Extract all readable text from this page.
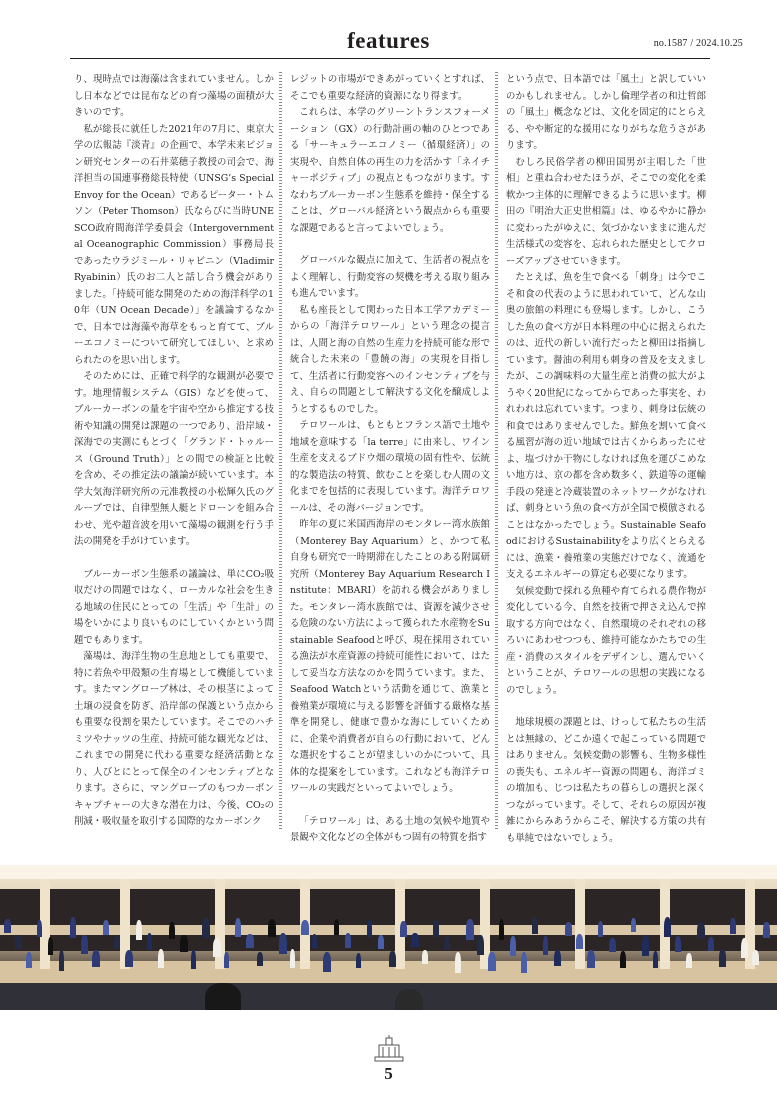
features	no.1587 / 2024.10.25

り、現時点では海藻は含まれていません。しかし日本などでは昆布などの育つ藻場の面積が大きいのです。

私が総長に就任した2021年の7月に、東京大学の広報誌『淡青』の企画で、本学未来ビジョン研究センターの石井菜穂子教授の司会で、海洋担当の国連事務総長特使（UNSG’s Special Envoy for the Ocean）であるピーター・トムソン（Peter Thomson）氏ならびに当時UNESCO政府間海洋学委員会（Intergovernmental Oceanographic Commission）事務局長であったウラジミール・リャビニン（Vladimir Ryabinin）氏のお二人と話し合う機会がありました。「持続可能な開発のための海洋科学の10年（UN Ocean Decade）」を議論するなかで、日本では海藻や海草をもっと育てて、ブルーエコノミーについて研究してほしい、と求められたのを思い出します。

そのためには、正確で科学的な観測が必要です。地理情報システム（GIS）などを使って、ブルーカーボンの量を宇宙や空から推定する技術や知識の開発は課題の一つであり、沿岸域・深海での実測にもとづく「グランド・トゥルース（Ground Truth）」との間での検証と比較を含め、その推定法の議論が続いています。本学大気海洋研究所の元准教授の小松輝久氏のグループでは、自律型無人艇とドローンを組み合わせ、光や超音波を用いて藻場の観測を行う手法の開発を手がけています。

ブルーカーボン生態系の議論は、単にCO₂吸収だけの問題ではなく、ローカルな社会を生きる地域の住民にとっての「生活」や「生計」の場をいかにより良いものにしていくかという問題でもあります。

藻場は、海洋生物の生息地としても重要で、特に若魚や甲殻類の生育場として機能しています。またマングローブ林は、その根茎によって土壌の浸食を防ぎ、沿岸部の保護という点からも重要な役割を果たしています。そこでのハチミツやナッツの生産、持続可能な観光などは、これまでの開発に代わる重要な経済活動となり、人びとにとって保全のインセンティブとなります。さらに、マングローブのもつカーボンキャプチャーの大きな潜在力は、今後、CO₂の削減・吸収量を取引する国際的なカーボンク

レジットの市場ができあがっていくとすれば、そこでも重要な経済的資源になり得ます。

これらは、本学のグリーントランスフォーメーション（GX）の行動計画の軸のひとつである「サーキュラーエコノミー（循環経済）」の実現や、自然自体の再生の力を活かす「ネイチャーポジティブ」の視点ともつながります。すなわちブルーカーボン生態系を維持・保全することは、グローバル経済という観点からも重要な課題であると言ってよいでしょう。

グローバルな観点に加えて、生活者の視点をよく理解し、行動変容の契機を考える取り組みも進んでいます。

私も座長として関わった日本工学アカデミーからの「海洋テロワール」という理念の提言は、人間と海の自然の生産力を持続可能な形で統合した未来の「豊饒の海」の実現を目指して、生活者に行動変容へのインセンティブを与え、自らの問題として解決する文化を醸成しようとするものでした。

テロワールは、もともとフランス語で土地や地域を意味する「la terre」に由来し、ワイン生産を支えるブドウ畑の環境の固有性や、伝統的な製造法の特質、飲むことを楽しむ人間の文化までを包括的に表現しています。海洋テロワールは、その海バージョンです。

昨年の夏に米国西海岸のモンタレー湾水族館（Monterey Bay Aquarium）と、かつて私自身も研究で一時期滞在したことのある附属研究所（Monterey Bay Aquarium Research Institute：MBARI）を訪れる機会がありました。モンタレー湾水族館では、資源を減少させる危険のない方法によって獲られた水産物をSustainable Seafoodと呼び、現在採用されている漁法が水産資源の持続可能性において、はたして妥当な方法なのかを問うています。また、Seafood Watchという活動を通じて、漁業と養殖業が環境に与える影響を評価する厳格な基準を開発し、健康で豊かな海にしていくために、企業や消費者が自らの行動において、どんな選択をすることが望ましいのかについて、具体的な提案をしています。これなども海洋テロワールの実践だといってよいでしょう。

「テロワール」は、ある土地の気候や地質や景観や文化などの全体がもつ固有の特質を指す

という点で、日本語では「風土」と訳していいのかもしれません。しかし倫理学者の和辻哲郎の「風土」概念などは、文化を固定的にとらえる、やや断定的な援用になりがちな危うさがあります。

むしろ民俗学者の柳田国男が主唱した「世相」と重ね合わせたほうが、そこでの変化を柔軟かつ主体的に理解できるように思います。柳田の『明治大正史世相篇』は、ゆるやかに静かに変わったがゆえに、気づかないままに進んだ生活様式の変容を、忘れられた歴史としてクローズアップさせていきます。

たとえば、魚を生で食べる「刺身」は今でこそ和食の代表のように思われていて、どんな山奥の旅館の料理にも登場します。しかし、こうした魚の食べ方が日本料理の中心に据えられたのは、近代の新しい流行だったと柳田は指摘しています。醤油の利用も刺身の普及を支えましたが、この調味料の大量生産と消費の拡大がようやく20世紀になってからであった事実を、われわれは忘れています。つまり、刺身は伝統の和食ではありませんでした。鮮魚を割いて食べる風習が海の近い地域では古くからあったにせよ、塩づけか干物にしなければ魚を運びこめない地方は、京の都を含め数多く、鉄道等の運輸手段の発達と冷蔵装置のネットワークがなければ、刺身という魚の食べ方が全国で模倣されることはなかったでしょう。Sustainable SeafoodにおけるSustainabilityをより広くとらえるには、漁業・養殖業の実態だけでなく、流通を支えるエネルギーの算定も必要になります。

気候変動で採れる魚種や育てられる農作物が変化している今、自然を技術で押さえ込んで搾取する方向ではなく、自然環境のそれぞれの移ろいにあわせつつも、維持可能なかたちでの生産・消費のスタイルをデザインし、選んでいくということが、テロワールの思想の実践になるのでしょう。

地球規模の課題とは、けっして私たちの生活とは無縁の、どこか遠くで起こっている問題ではありません。気候変動の影響も、生物多様性の喪失も、エネルギー資源の問題も、海洋ゴミの増加も、じつは私たちの暮らしの選択と深くつながっています。そして、それらの原因が複雑にからみあうからこそ、解決する方策の共有も単純ではないでしょう。

5
